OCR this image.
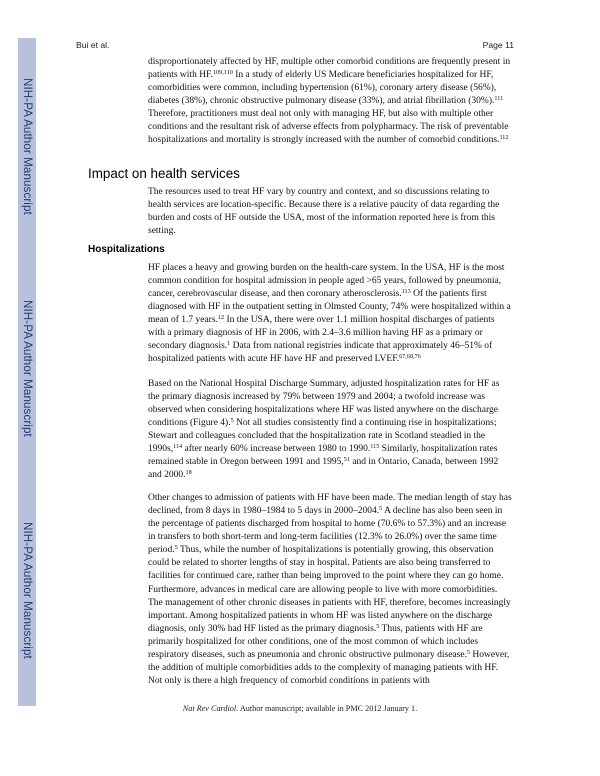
NIH-PA Author Manuscript
NIH-PA Author Manuscript
NIH-PA Author Manuscript
Bui et al.	Page 11

disproportionately affected by HF, multiple other comorbid conditions are frequently present in patients with HF.$^{109,110}$ In a study of elderly US Medicare beneficiaries hospitalized for HF, comorbidities were common, including hypertension (61%), coronary artery disease (56%), diabetes (38%), chronic obstructive pulmonary disease (33%), and atrial fibrillation (30%).$^{111}$ Therefore, practitioners must deal not only with managing HF, but also with multiple other conditions and the resultant risk of adverse effects from polypharmacy. The risk of preventable hospitalizations and mortality is strongly increased with the number of comorbid conditions.$^{112}$

Impact on health services

The resources used to treat HF vary by country and context, and so discussions relating to health services are location-specific. Because there is a relative paucity of data regarding the burden and costs of HF outside the USA, most of the information reported here is from this setting.

Hospitalizations

HF places a heavy and growing burden on the health-care system. In the USA, HF is the most common condition for hospital admission in people aged >65 years, followed by pneumonia, cancer, cerebrovascular disease, and then coronary atherosclerosis.$^{113}$ Of the patients first diagnosed with HF in the outpatient setting in Olmsted County, 74% were hospitalized within a mean of 1.7 years.$^{12}$ In the USA, there were over 1.1 million hospital discharges of patients with a primary diagnosis of HF in 2006, with 2.4–3.6 million having HF as a primary or secondary diagnosis.$^1$ Data from national registries indicate that approximately 46–51% of hospitalized patients with acute HF have HF and preserved LVEF.$^{67,68,76}$

Based on the National Hospital Discharge Summary, adjusted hospitalization rates for HF as the primary diagnosis increased by 79% between 1979 and 2004; a twofold increase was observed when considering hospitalizations where HF was listed anywhere on the discharge conditions (Figure 4).$^5$ Not all studies consistently find a continuing rise in hospitalizations; Stewart and colleagues concluded that the hospitalization rate in Scotland steadied in the 1990s,$^{114}$ after nearly 60% increase between 1980 to 1990.$^{115}$ Similarly, hospitalization rates remained stable in Oregon between 1991 and 1995,51 and in Ontario, Canada, between 1992 and 2000.18

Other changes to admission of patients with HF have been made. The median length of stay has declined, from 8 days in 1980–1984 to 5 days in 2000–2004.$^5$ A decline has also been seen in the percentage of patients discharged from hospital to home (70.6% to 57.3%) and an increase in transfers to both short-term and long-term facilities (12.3% to 26.0%) over the same time period.$^5$ Thus, while the number of hospitalizations is potentially growing, this observation could be related to shorter lengths of stay in hospital. Patients are also being transferred to facilities for continued care, rather than being improved to the point where they can go home.

Furthermore, advances in medical care are allowing people to live with more comorbidities. The management of other chronic diseases in patients with HF, therefore, becomes increasingly important. Among hospitalized patients in whom HF was listed anywhere on the discharge diagnosis, only 30% had HF listed as the primary diagnosis.$^5$ Thus, patients with HF are primarily hospitalized for other conditions, one of the most common of which includes respiratory diseases, such as pneumonia and chronic obstructive pulmonary disease.$^5$ However, the addition of multiple comorbidities adds to the complexity of managing patients with HF. Not only is there a high frequency of comorbid conditions in patients with

Nat Rev Cardiol. Author manuscript; available in PMC 2012 January 1.
